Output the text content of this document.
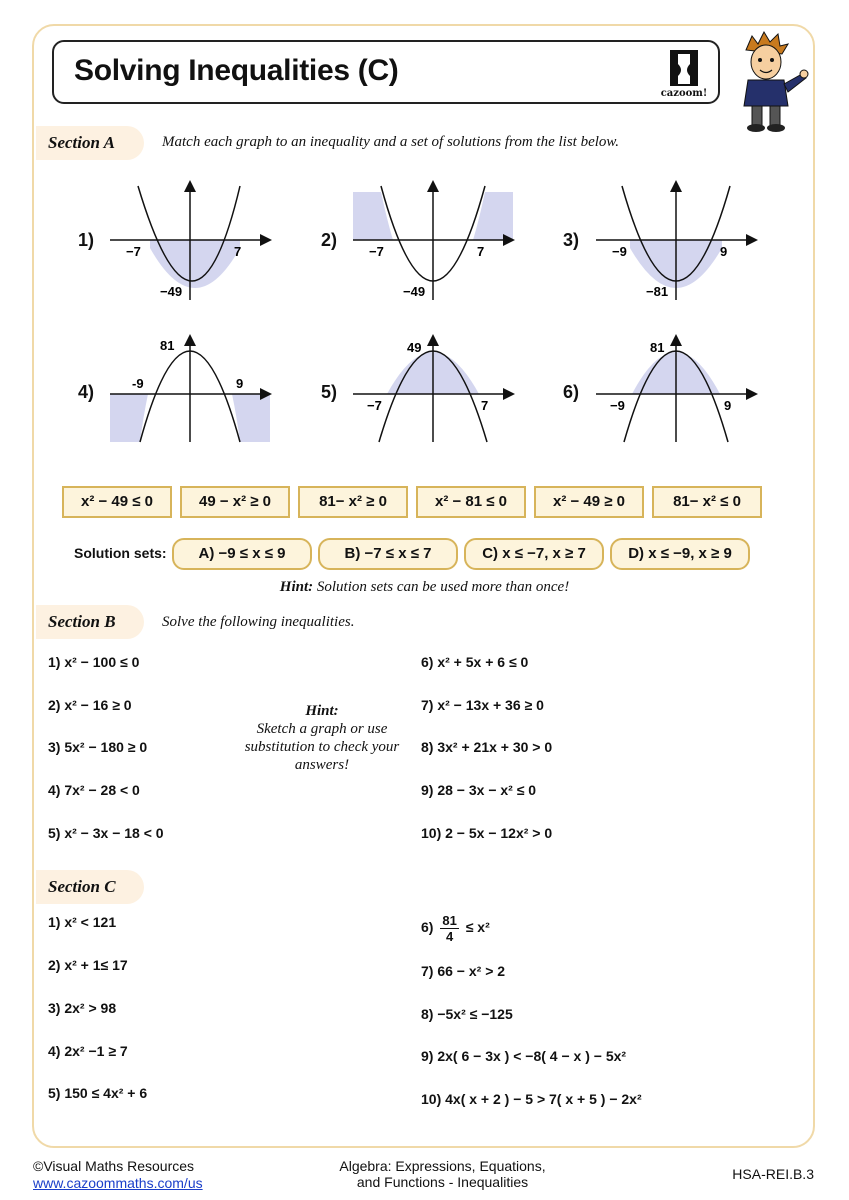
Solving Inequalities (C)
cazoom!
Section A	Match each graph to an inequality and a set of solutions from the list below.
1)
−7	7
−49
2)
−7	7
−49
3)
−9	9
−81
4)
81
-9	9	5)
49
−7	7
6)
81
−9	9
x² − 49 ≤ 0	49 − x² ≥ 0	81− x² ≥ 0	x² − 81 ≤ 0	x² − 49 ≥ 0	81− x² ≤ 0
Solution sets:	A) −9 ≤ x ≤ 9	B) −7 ≤ x ≤ 7	C) x ≤ −7, x ≥ 7	D) x ≤ −9, x ≥ 9
Hint: Solution sets can be used more than once!
Section B	Solve the following inequalities.
1) x² − 100 ≤ 0
2) x² − 16 ≥ 0
3) 5x² − 180 ≥ 0
4) 7x² − 28 < 0
5) x² − 3x − 18 < 0
Hint:
Sketch a graph or use substitution to check your answers!
6) x² + 5x + 6 ≤ 0
7) x² − 13x + 36 ≥ 0
8) 3x² + 21x + 30 > 0
9) 28 − 3x − x² ≤ 0
10) 2 − 5x − 12x² > 0
Section C
1) x² < 121
2) x² + 1≤ 17
3) 2x² > 98
4) 2x² −1 ≥ 7
5) 150 ≤ 4x² + 6
$6) \frac{81}{4} \le x^2$
7) 66 − x² > 2
8) −5x² ≤ −125
9) 2x( 6 − 3x ) < −8( 4 − x ) − 5x²
10) 4x( x + 2 ) − 5 > 7( x + 5 ) − 2x²
©Visual Maths Resources
www.cazoommaths.com/us
Algebra: Expressions, Equations,
and Functions - Inequalities	HSA-REI.B.3
